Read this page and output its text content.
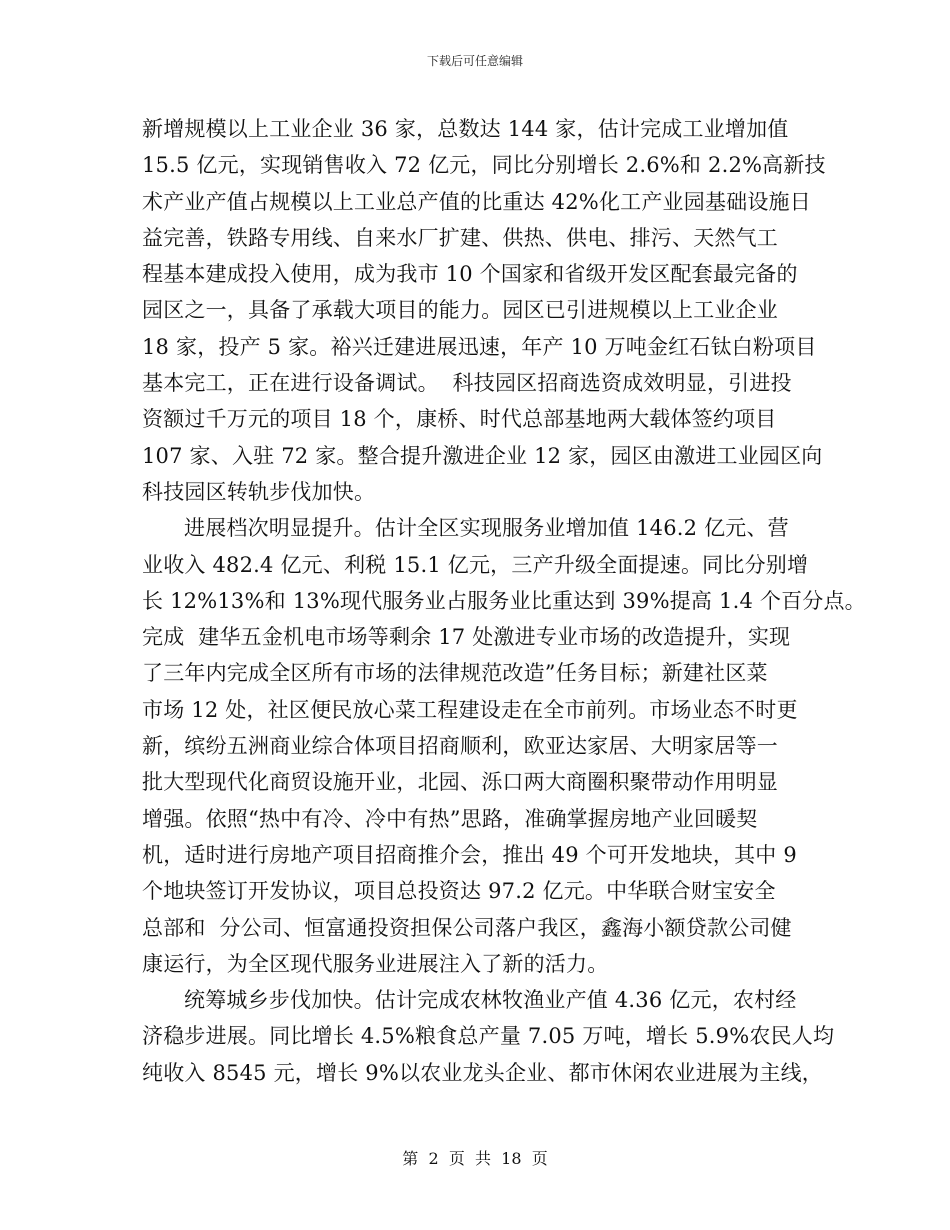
下载后可任意编辑
新增规模以上工业企业 36 家，总数达 144 家，估计完成工业增加值
15.5 亿元，实现销售收入 72 亿元，同比分别增长 2.6%和 2.2%高新技
术产业产值占规模以上工业总产值的比重达 42%化工产业园基础设施日
益完善，铁路专用线、自来水厂扩建、供热、供电、排污、天然气工
程基本建成投入使用，成为我市 10 个国家和省级开发区配套最完备的
园区之一，具备了承载大项目的能力。园区已引进规模以上工业企业
18 家，投产 5 家。裕兴迁建进展迅速，年产 10 万吨金红石钛白粉项目
基本完工，正在进行设备调试。  科技园区招商选资成效明显，引进投
资额过千万元的项目 18 个，康桥、时代总部基地两大载体签约项目
107 家、入驻 72 家。整合提升激进企业 12 家，园区由激进工业园区向
科技园区转轨步伐加快。
进展档次明显提升。估计全区实现服务业增加值 146.2 亿元、营
业收入 482.4 亿元、利税 15.1 亿元，三产升级全面提速。同比分别增
长 12%13%和 13%现代服务业占服务业比重达到 39%提高 1.4 个百分点。
完成  建华五金机电市场等剩余 17 处激进专业市场的改造提升，实现
了三年内完成全区所有市场的法律规范改造”任务目标；新建社区菜
市场 12 处，社区便民放心菜工程建设走在全市前列。市场业态不时更
新，缤纷五洲商业综合体项目招商顺利，欧亚达家居、大明家居等一
批大型现代化商贸设施开业，北园、泺口两大商圈积聚带动作用明显
增强。依照“热中有冷、冷中有热”思路，准确掌握房地产业回暖契
机，适时进行房地产项目招商推介会，推出 49 个可开发地块，其中 9
个地块签订开发协议，项目总投资达 97.2 亿元。中华联合财宝安全
总部和  分公司、恒富通投资担保公司落户我区，鑫海小额贷款公司健
康运行，为全区现代服务业进展注入了新的活力。
统筹城乡步伐加快。估计完成农林牧渔业产值 4.36 亿元，农村经
济稳步进展。同比增长 4.5%粮食总产量 7.05 万吨，增长 5.9%农民人均
纯收入 8545 元，增长 9%以农业龙头企业、都市休闲农业进展为主线，
第  2  页  共  18  页
